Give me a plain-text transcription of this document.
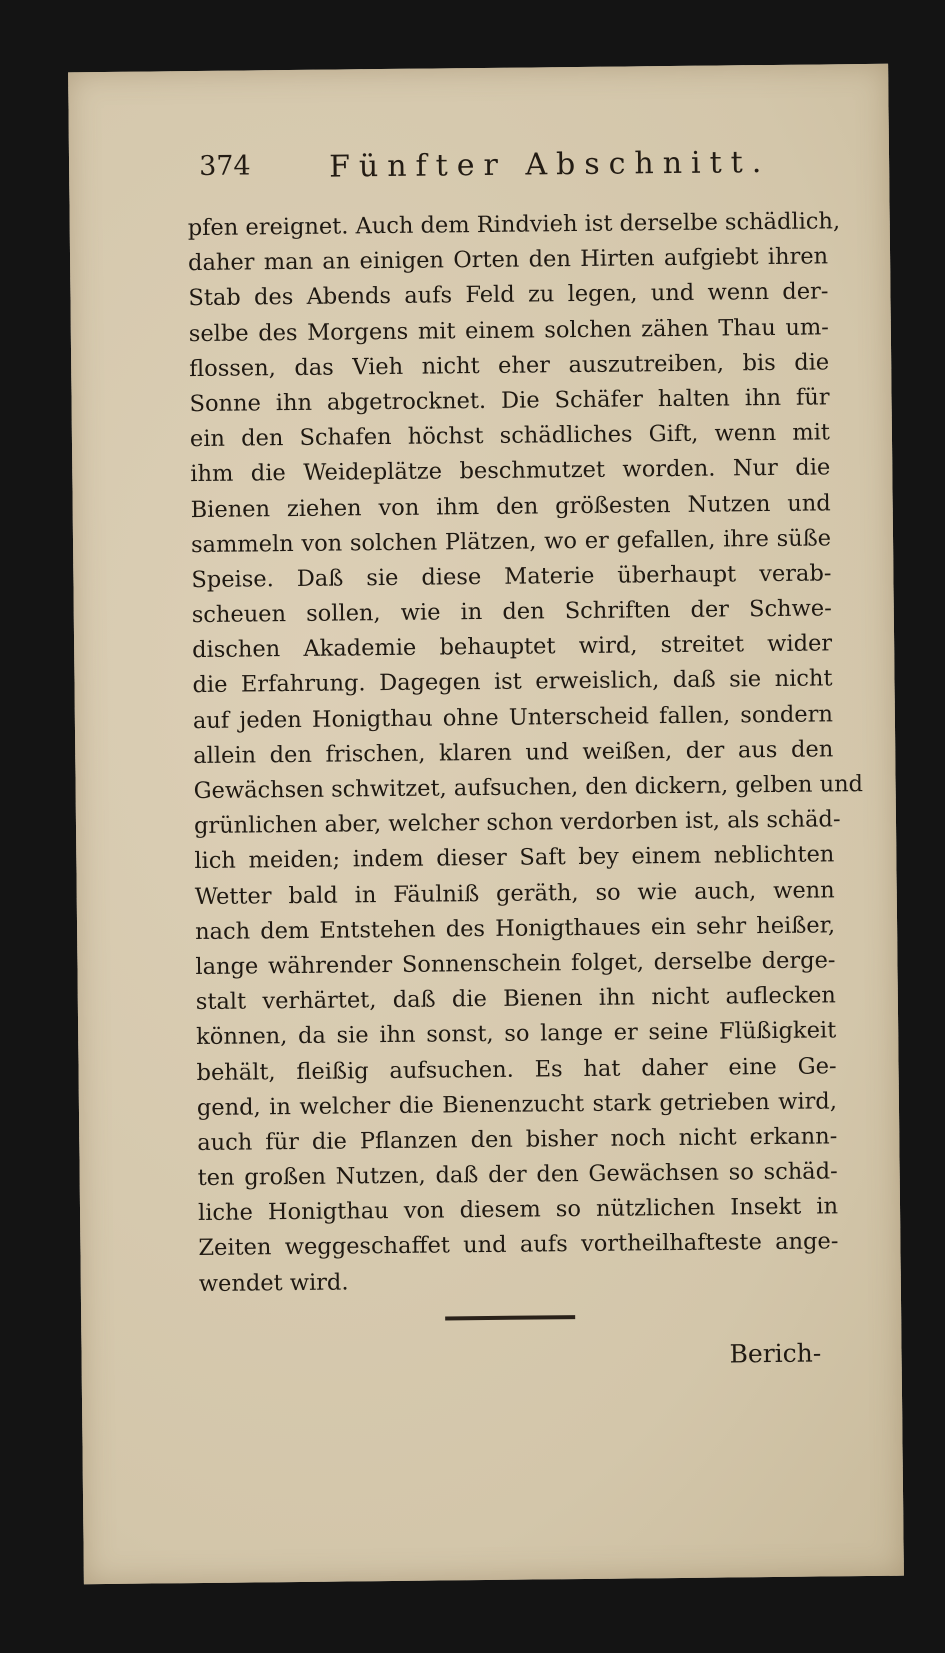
374	Fünfter Abschnitt.
pfen ereignet. Auch dem Rindvieh ist derselbe schädlich,
daher man an einigen Orten den Hirten aufgiebt ihren
Stab des Abends aufs Feld zu legen, und wenn der-
selbe des Morgens mit einem solchen zähen Thau um-
flossen, das Vieh nicht eher auszutreiben, bis die
Sonne ihn abgetrocknet. Die Schäfer halten ihn für
ein den Schafen höchst schädliches Gift, wenn mit
ihm die Weideplätze beschmutzet worden. Nur die
Bienen ziehen von ihm den größesten Nutzen und
sammeln von solchen Plätzen, wo er gefallen, ihre süße
Speise. Daß sie diese Materie überhaupt verab-
scheuen sollen, wie in den Schriften der Schwe-
dischen Akademie behauptet wird, streitet wider
die Erfahrung. Dagegen ist erweislich, daß sie nicht
auf jeden Honigthau ohne Unterscheid fallen, sondern
allein den frischen, klaren und weißen, der aus den
Gewächsen schwitzet, aufsuchen, den dickern, gelben und
grünlichen aber, welcher schon verdorben ist, als schäd-
lich meiden; indem dieser Saft bey einem neblichten
Wetter bald in Fäulniß geräth, so wie auch, wenn
nach dem Entstehen des Honigthaues ein sehr heißer,
lange währender Sonnenschein folget, derselbe derge-
stalt verhärtet, daß die Bienen ihn nicht auflecken
können, da sie ihn sonst, so lange er seine Flüßigkeit
behält, fleißig aufsuchen. Es hat daher eine Ge-
gend, in welcher die Bienenzucht stark getrieben wird,
auch für die Pflanzen den bisher noch nicht erkann-
ten großen Nutzen, daß der den Gewächsen so schäd-
liche Honigthau von diesem so nützlichen Insekt in
Zeiten weggeschaffet und aufs vortheilhafteste ange-
wendet wird.
Berich-
